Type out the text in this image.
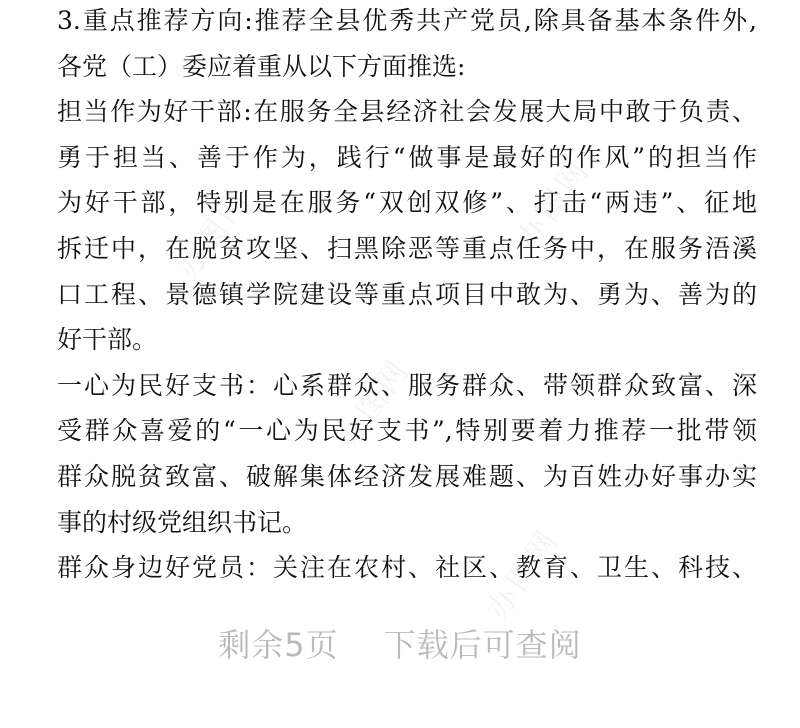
办图网	办图网
办图网
办图网
3.重点推荐方向:推荐全县优秀共产党员,除具备基本条件外,
各党（工）委应着重从以下方面推选:
担当作为好干部:在服务全县经济社会发展大局中敢于负责、
勇于担当、善于作为，践行“做事是最好的作风”的担当作
为好干部，特别是在服务“双创双修”、打击“两违”、征地
拆迁中，在脱贫攻坚、扫黑除恶等重点任务中，在服务浯溪
口工程、景德镇学院建设等重点项目中敢为、勇为、善为的
好干部。
一心为民好支书：心系群众、服务群众、带领群众致富、深
受群众喜爱的“一心为民好支书”,特别要着力推荐一批带领
群众脱贫致富、破解集体经济发展难题、为百姓办好事办实
事的村级党组织书记。
群众身边好党员：关注在农村、社区、教育、卫生、科技、
剩余5页 下载后可查阅
